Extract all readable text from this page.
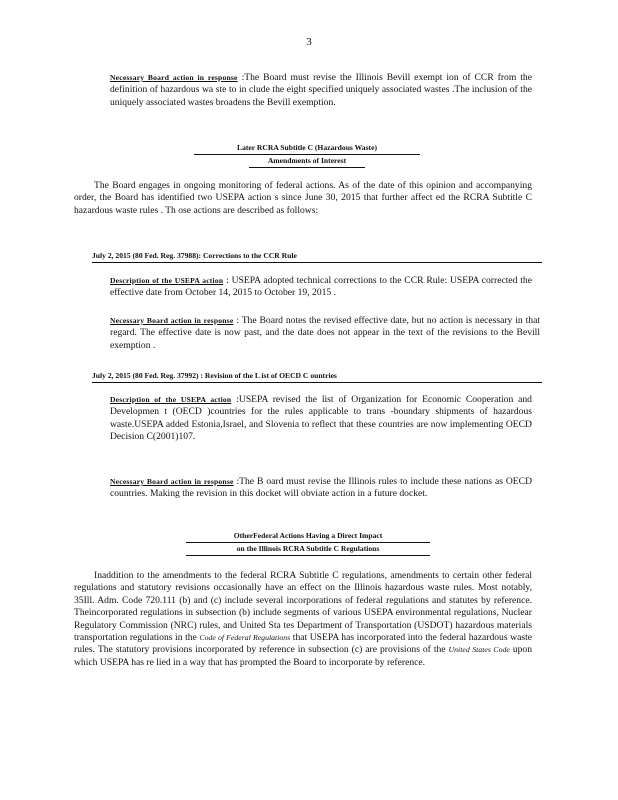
3

Necessary Board action in response :The Board must revise the Illinois Bevill exempt ion of CCR from the definition of hazardous wa ste to in clude the eight specified uniquely associated wastes .The inclusion of the uniquely associated wastes broadens the Bevill exemption.

Later RCRA Subtitle C (Hazardous Waste)
Amendments of Interest

The Board engages in ongoing monitoring of federal actions. As of the date of this opinion and accompanying order, the Board has identified two USEPA action s since June 30, 2015 that further affect ed the RCRA Subtitle C hazardous waste rules . Th ose actions are described as follows:

July 2, 2015 (80 Fed. Reg. 37988): Corrections to the CCR Rule

Description of the USEPA action : USEPA adopted technical corrections to the CCR Rule: USEPA corrected the effective date from October 14, 2015 to October 19, 2015 .

Necessary Board action in response : The Board notes the revised effective date, but no action is necessary in that regard. The effective date is now past, and the date does not appear in the text of the revisions to the Bevill exemption .

July 2, 2015 (80 Fed. Reg. 37992) : Revision of the L ist of OECD C ountries

Description of the USEPA action :USEPA revised the list of Organization for Economic Cooperation and Developmen t (OECD )countries for the rules applicable to trans -boundary shipments of hazardous waste.USEPA added Estonia,Israel, and Slovenia to reflect that these countries are now implementing OECD Decision C(2001)107.

Necessary Board action in response :The B oard must revise the Illinois rules to include these nations as OECD countries. Making the revision in this docket will obviate action in a future docket.

OtherFederal Actions Having a Direct Impact
on the Illinois RCRA Subtitle C Regulations

Inaddition to the amendments to the federal RCRA Subtitle C regulations, amendments to certain other federal regulations and statutory revisions occasionally have an effect on the Illinois hazardous waste rules. Most notably, 35Ill. Adm. Code 720.111 (b) and (c) include several incorporations of federal regulations and statutes by reference. Theincorporated regulations in subsection (b) include segments of various USEPA environmental regulations, Nuclear Regulatory Commission (NRC) rules, and United Sta tes Department of Transportation (USDOT) hazardous materials transportation regulations in the Code of Federal Regulations that USEPA has incorporated into the federal hazardous waste rules. The statutory provisions incorporated by reference in subsection (c) are provisions of the United States Code upon which USEPA has re lied in a way that has prompted the Board to incorporate by reference.
